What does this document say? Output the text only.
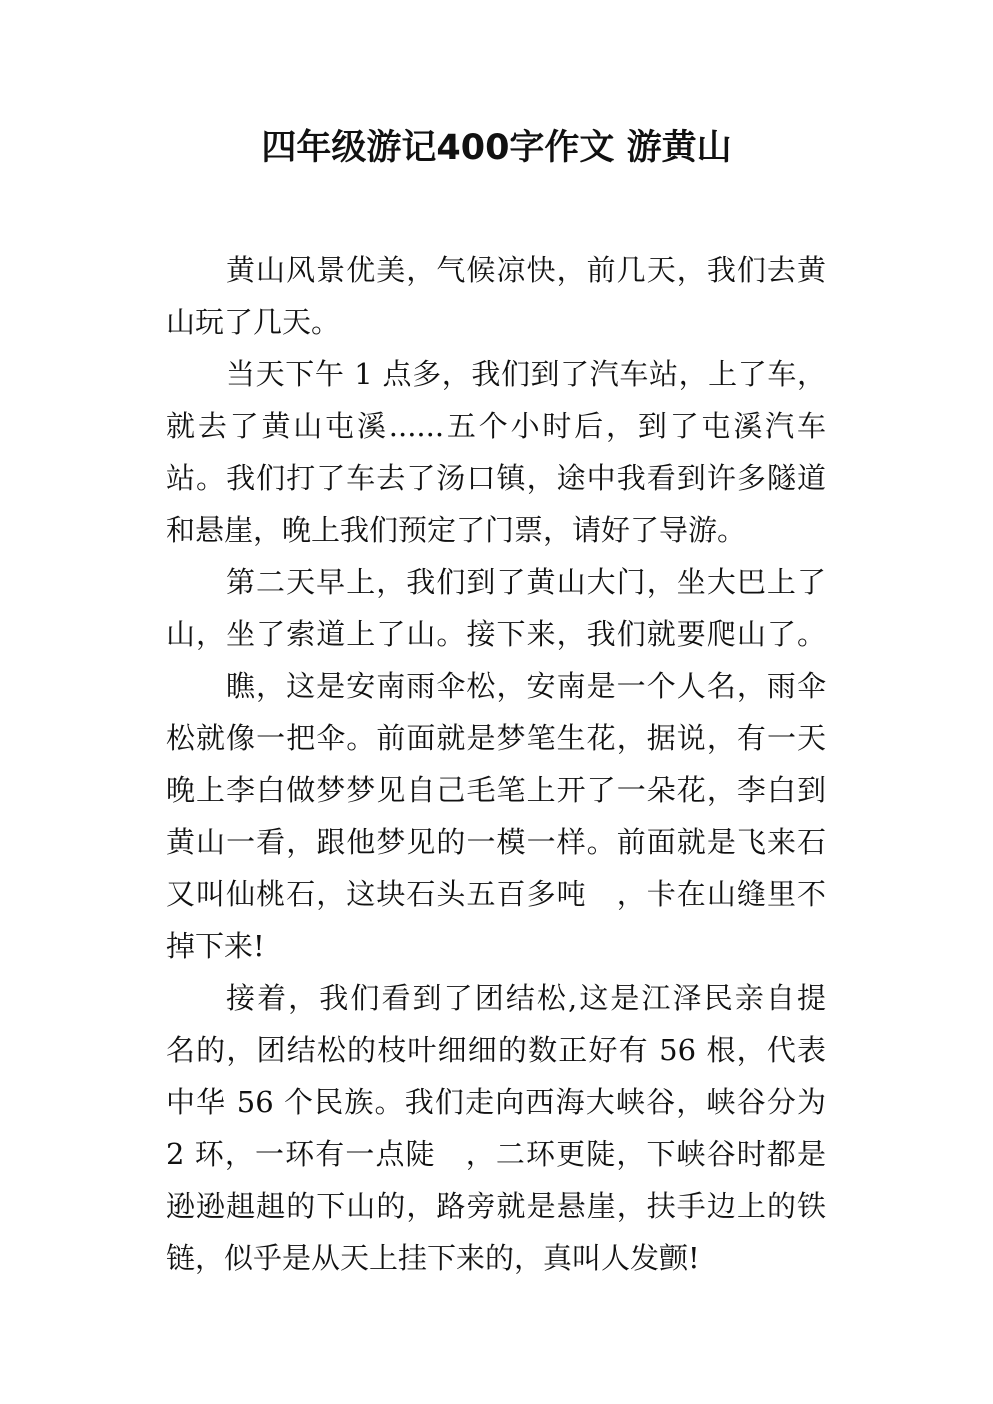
四年级游记400字作文 游黄山
黄山风景优美，气候凉快，前几天，我们去黄
山玩了几天。
当天下午 1 点多，我们到了汽车站，上了车，
就去了黄山屯溪......五个小时后，到了屯溪汽车
站。我们打了车去了汤口镇，途中我看到许多隧道
和悬崖，晚上我们预定了门票，请好了导游。
第二天早上，我们到了黄山大门，坐大巴上了
山，坐了索道上了山。接下来，我们就要爬山了。
瞧，这是安南雨伞松，安南是一个人名，雨伞
松就像一把伞。前面就是梦笔生花，据说，有一天
晚上李白做梦梦见自己毛笔上开了一朵花，李白到
黄山一看，跟他梦见的一模一样。前面就是飞来石
又叫仙桃石，这块石头五百多吨　，卡在山缝里不
掉下来!
接着，我们看到了团结松,这是江泽民亲自提
名的，团结松的枝叶细细的数正好有 56 根，代表
中华 56 个民族。我们走向西海大峡谷，峡谷分为
2 环，一环有一点陡　，二环更陡，下峡谷时都是
逊逊趄趄的下山的，路旁就是悬崖，扶手边上的铁
链，似乎是从天上挂下来的，真叫人发颤!
